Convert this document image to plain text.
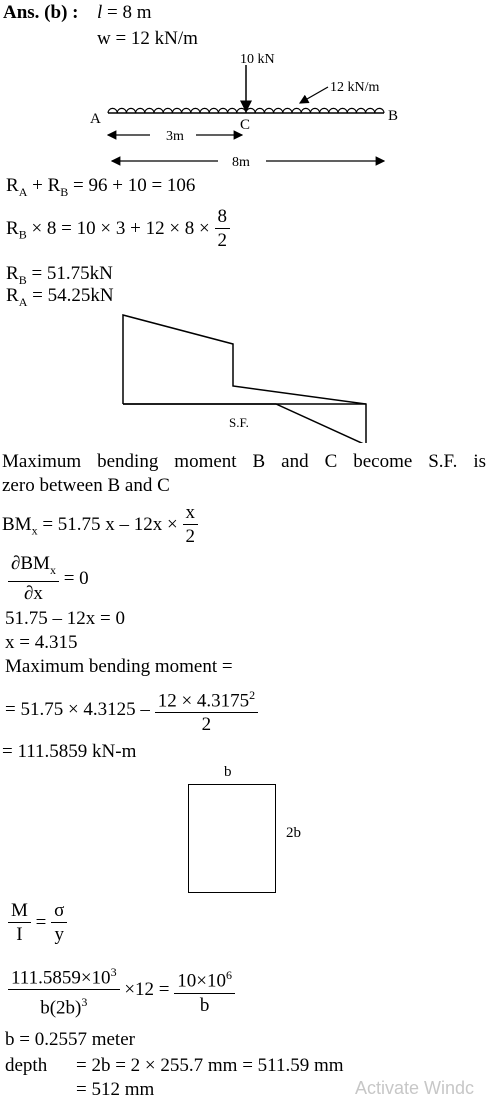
Ans. (b) : l = 8 m
w = 12 kN/m
10 kN
12 kN/m
A	B
C
3m
8m
$R_A + R_B = 96 + 10 = 106$
$R_B \times 8 = 10 \times 3 + 12 \times 8 \times \frac{8}{2}$
$R_B = 51.75kN$
$R_A = 54.25kN$
S.F.
Maximum bending moment B and C become S.F. is
zero between B and C
$BM_x = 51.75$ $x - 12x \times \frac{x}{2}$
$\frac{\partial BM_x}{\partial x} = 0$
51.75 – 12x = 0
x = 4.315
Maximum bending moment =
= $51.75 \times 4.3125 - \frac{12 \times 4.3175^2}{2}$
= 111.5859 kN-m
b
2b
$\frac{M}{I} = \frac{\sigma}{y}$
$\frac{111.5859\times 10^3}{b(2b)^3} \times 12 = \frac{10\times 10^6}{b}$
b = 0.2557 meter
depth = 2b = 2 × 255.7 mm = 511.59 mm
= 512 mm	Activate Windc
